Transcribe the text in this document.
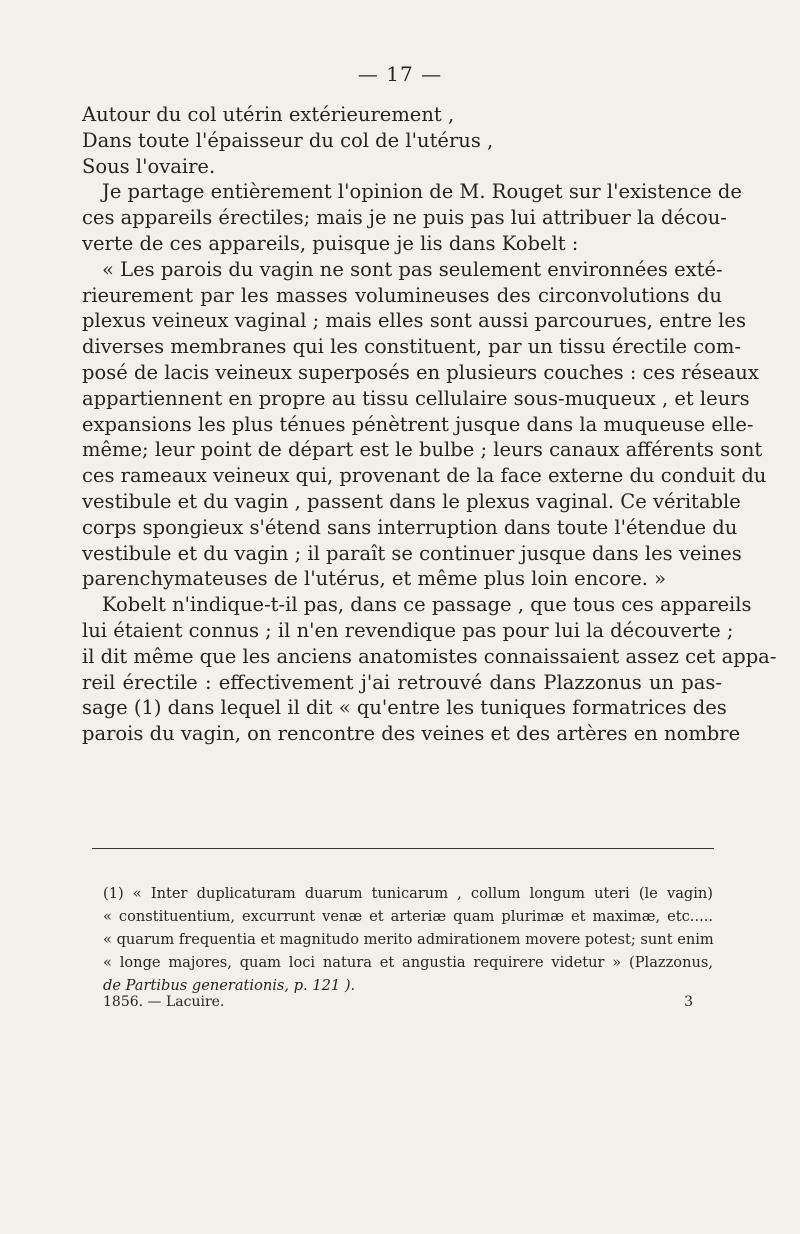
— 17 —
Autour du col utérin extérieurement ,
Dans toute l'épaisseur du col de l'utérus ,
Sous l'ovaire.
Je partage entièrement l'opinion de M. Rouget sur l'existence de
ces appareils érectiles; mais je ne puis pas lui attribuer la décou-
verte de ces appareils, puisque je lis dans Kobelt :
« Les parois du vagin ne sont pas seulement environnées exté-
rieurement par les masses volumineuses des circonvolutions du
plexus veineux vaginal ; mais elles sont aussi parcourues, entre les
diverses membranes qui les constituent, par un tissu érectile com-
posé de lacis veineux superposés en plusieurs couches : ces réseaux
appartiennent en propre au tissu cellulaire sous-muqueux , et leurs
expansions les plus ténues pénètrent jusque dans la muqueuse elle-
même; leur point de départ est le bulbe ; leurs canaux afférents sont
ces rameaux veineux qui, provenant de la face externe du conduit du
vestibule et du vagin , passent dans le plexus vaginal. Ce véritable
corps spongieux s'étend sans interruption dans toute l'étendue du
vestibule et du vagin ; il paraît se continuer jusque dans les veines
parenchymateuses de l'utérus, et même plus loin encore. »
Kobelt n'indique-t-il pas, dans ce passage , que tous ces appareils
lui étaient connus ; il n'en revendique pas pour lui la découverte ;
il dit même que les anciens anatomistes connaissaient assez cet appa-
reil érectile : effectivement j'ai retrouvé dans Plazzonus un pas-
sage (1) dans lequel il dit « qu'entre les tuniques formatrices des
parois du vagin, on rencontre des veines et des artères en nombre
(1) « Inter duplicaturam duarum tunicarum , collum longum uteri (le vagin)
« constituentium, excurrunt venæ et arteriæ quam plurimæ et maximæ, etc.....
« quarum frequentia et magnitudo merito admirationem movere potest; sunt enim
« longe majores, quam loci natura et angustia requirere videtur » (Plazzonus,
de Partibus generationis, p. 121 ).
1856. — Lacuire.	3
